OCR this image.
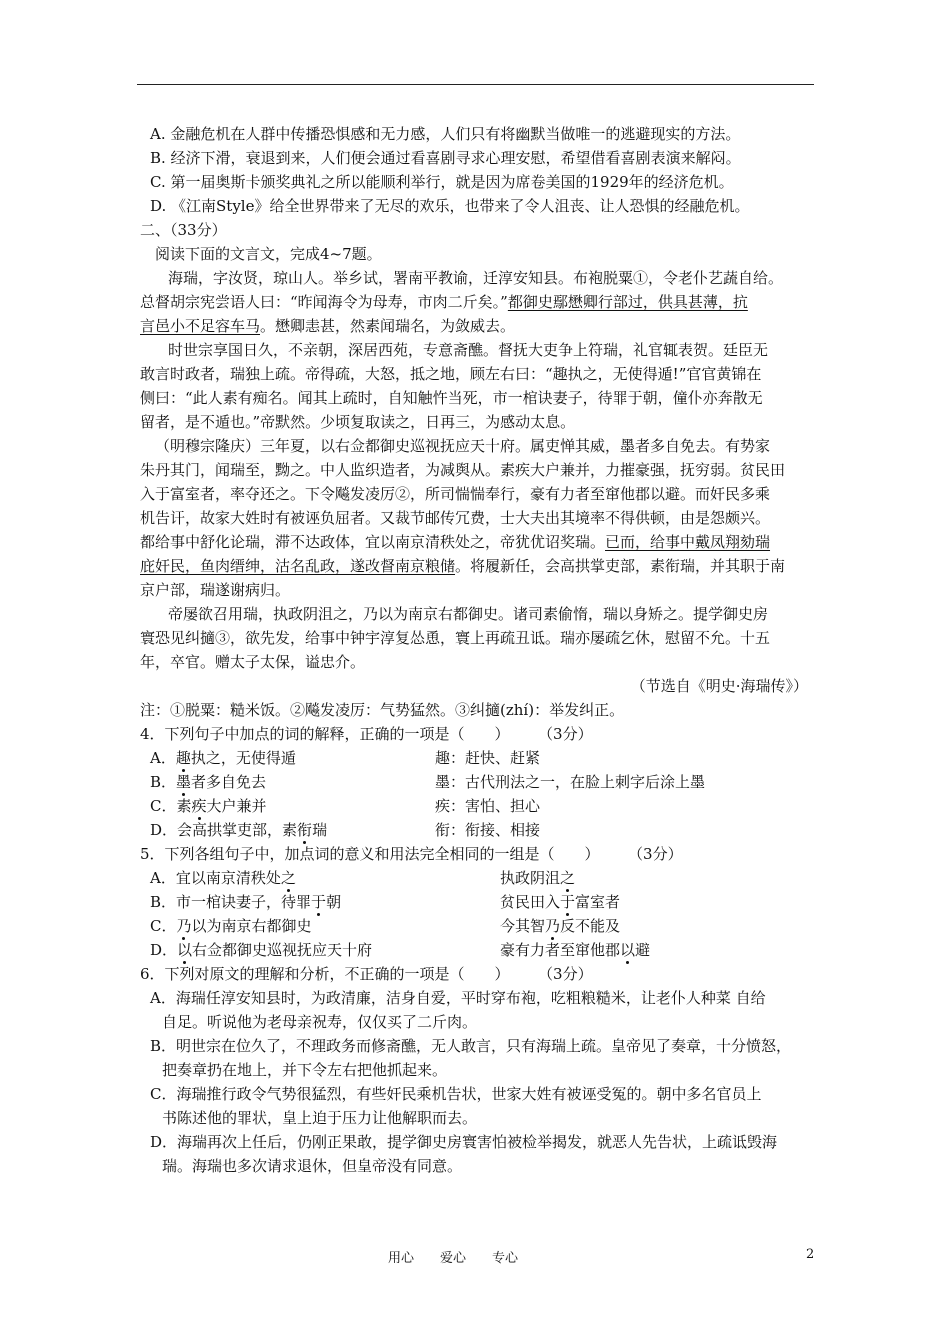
A. 金融危机在人群中传播恐惧感和无力感，人们只有将幽默当做唯一的逃避现实的方法。
B. 经济下滑，衰退到来，人们便会通过看喜剧寻求心理安慰，希望借看喜剧表演来解闷。
C. 第一届奥斯卡颁奖典礼之所以能顺利举行，就是因为席卷美国的1929年的经济危机。
D. 《江南Style》给全世界带来了无尽的欢乐，也带来了令人沮丧、让人恐惧的经融危机。
二、（33分）
阅读下面的文言文，完成4~7题。
海瑞，字汝贤，琼山人。举乡试，署南平教谕，迁淳安知县。布袍脱粟①，令老仆艺蔬自给。
总督胡宗宪尝语人曰：“昨闻海令为母寿，市肉二斤矣。”都御史鄢懋卿行部过，供具甚薄，抗
言邑小不足容车马。懋卿恚甚，然素闻瑞名，为敛威去。
时世宗享国日久，不亲朝，深居西苑，专意斋醮。督抚大吏争上符瑞，礼官辄表贺。廷臣无
敢言时政者，瑞独上疏。帝得疏，大怒，抵之地，顾左右曰：“趣执之，无使得遁!”官官黄锦在
侧曰：“此人素有痴名。闻其上疏时，自知触忤当死，市一棺诀妻子，待罪于朝，僮仆亦奔散无
留者，是不遁也。”帝默然。少顷复取读之，日再三，为感动太息。
（明穆宗隆庆）三年夏，以右佥都御史巡视抚应天十府。属吏惮其威，墨者多自免去。有势家
朱丹其门，闻瑞至，黝之。中人监织造者，为减舆从。素疾大户兼并，力摧豪强，抚穷弱。贫民田
入于富室者，率夺还之。下令飚发凌厉②，所司惴惴奉行，豪有力者至窜他郡以避。而奸民多乘
机告讦，故家大姓时有被诬负屈者。又裁节邮传冗费，士大夫出其境率不得供顿，由是怨颇兴。
都给事中舒化论瑞，滞不达政体，宜以南京清秩处之，帝犹优诏奖瑞。已而，给事中戴凤翔劾瑞
庇奸民，鱼肉缙绅，沽名乱政，遂改督南京粮储。将履新任，会高拱掌吏部，素衔瑞，并其职于南
京户部，瑞遂谢病归。
帝屡欲召用瑞，执政阴沮之，乃以为南京右都御史。诸司素偷惰，瑞以身矫之。提学御史房
寰恐见纠擿③，欲先发，给事中钟宇淳复怂恿，寰上再疏丑诋。瑞亦屡疏乞休，慰留不允。十五
年，卒官。赠太子太保，谥忠介。
（节选自《明史·海瑞传》）
注：①脱粟：糙米饭。②飚发凌厉：气势猛然。③纠擿(zhí)：举发纠正。
4．下列句子中加点的词的解释，正确的一项是（　　） （3分）
A．趣执之，无使得遁	趣：赶快、赶紧
B．墨者多自免去	墨：古代刑法之一，在脸上刺字后涂上墨
C．素疾大户兼并	疾：害怕、担心
D．会高拱掌吏部，素衔瑞	衔：衔接、相接
5．下列各组句子中，加点词的意义和用法完全相同的一组是（　　） （3分）
A．宜以南京清秩处之	执政阴沮之
B．市一棺诀妻子，待罪于朝	贫民田入于富室者
C．乃以为南京右都御史	今其智乃反不能及
D．以右佥都御史巡视抚应天十府	豪有力者至窜他郡以避
6．下列对原文的理解和分析，不正确的一项是（　　） （3分）
A．海瑞任淳安知县时，为政清廉，洁身自爱，平时穿布袍，吃粗粮糙米，让老仆人种菜 自给
自足。听说他为老母亲祝寿，仅仅买了二斤肉。
B．明世宗在位久了，不理政务而修斋醮，无人敢言，只有海瑞上疏。皇帝见了奏章，十分愤怒，
把奏章扔在地上，并下令左右把他抓起来。
C．海瑞推行政令气势很猛烈，有些奸民乘机告状，世家大姓有被诬受冤的。朝中多名官员上
书陈述他的罪状，皇上迫于压力让他解职而去。
D．海瑞再次上任后，仍刚正果敢，提学御史房寰害怕被检举揭发，就恶人先告状，上疏诋毁海
瑞。海瑞也多次请求退休，但皇帝没有同意。
用心　　爱心　　专心	2
